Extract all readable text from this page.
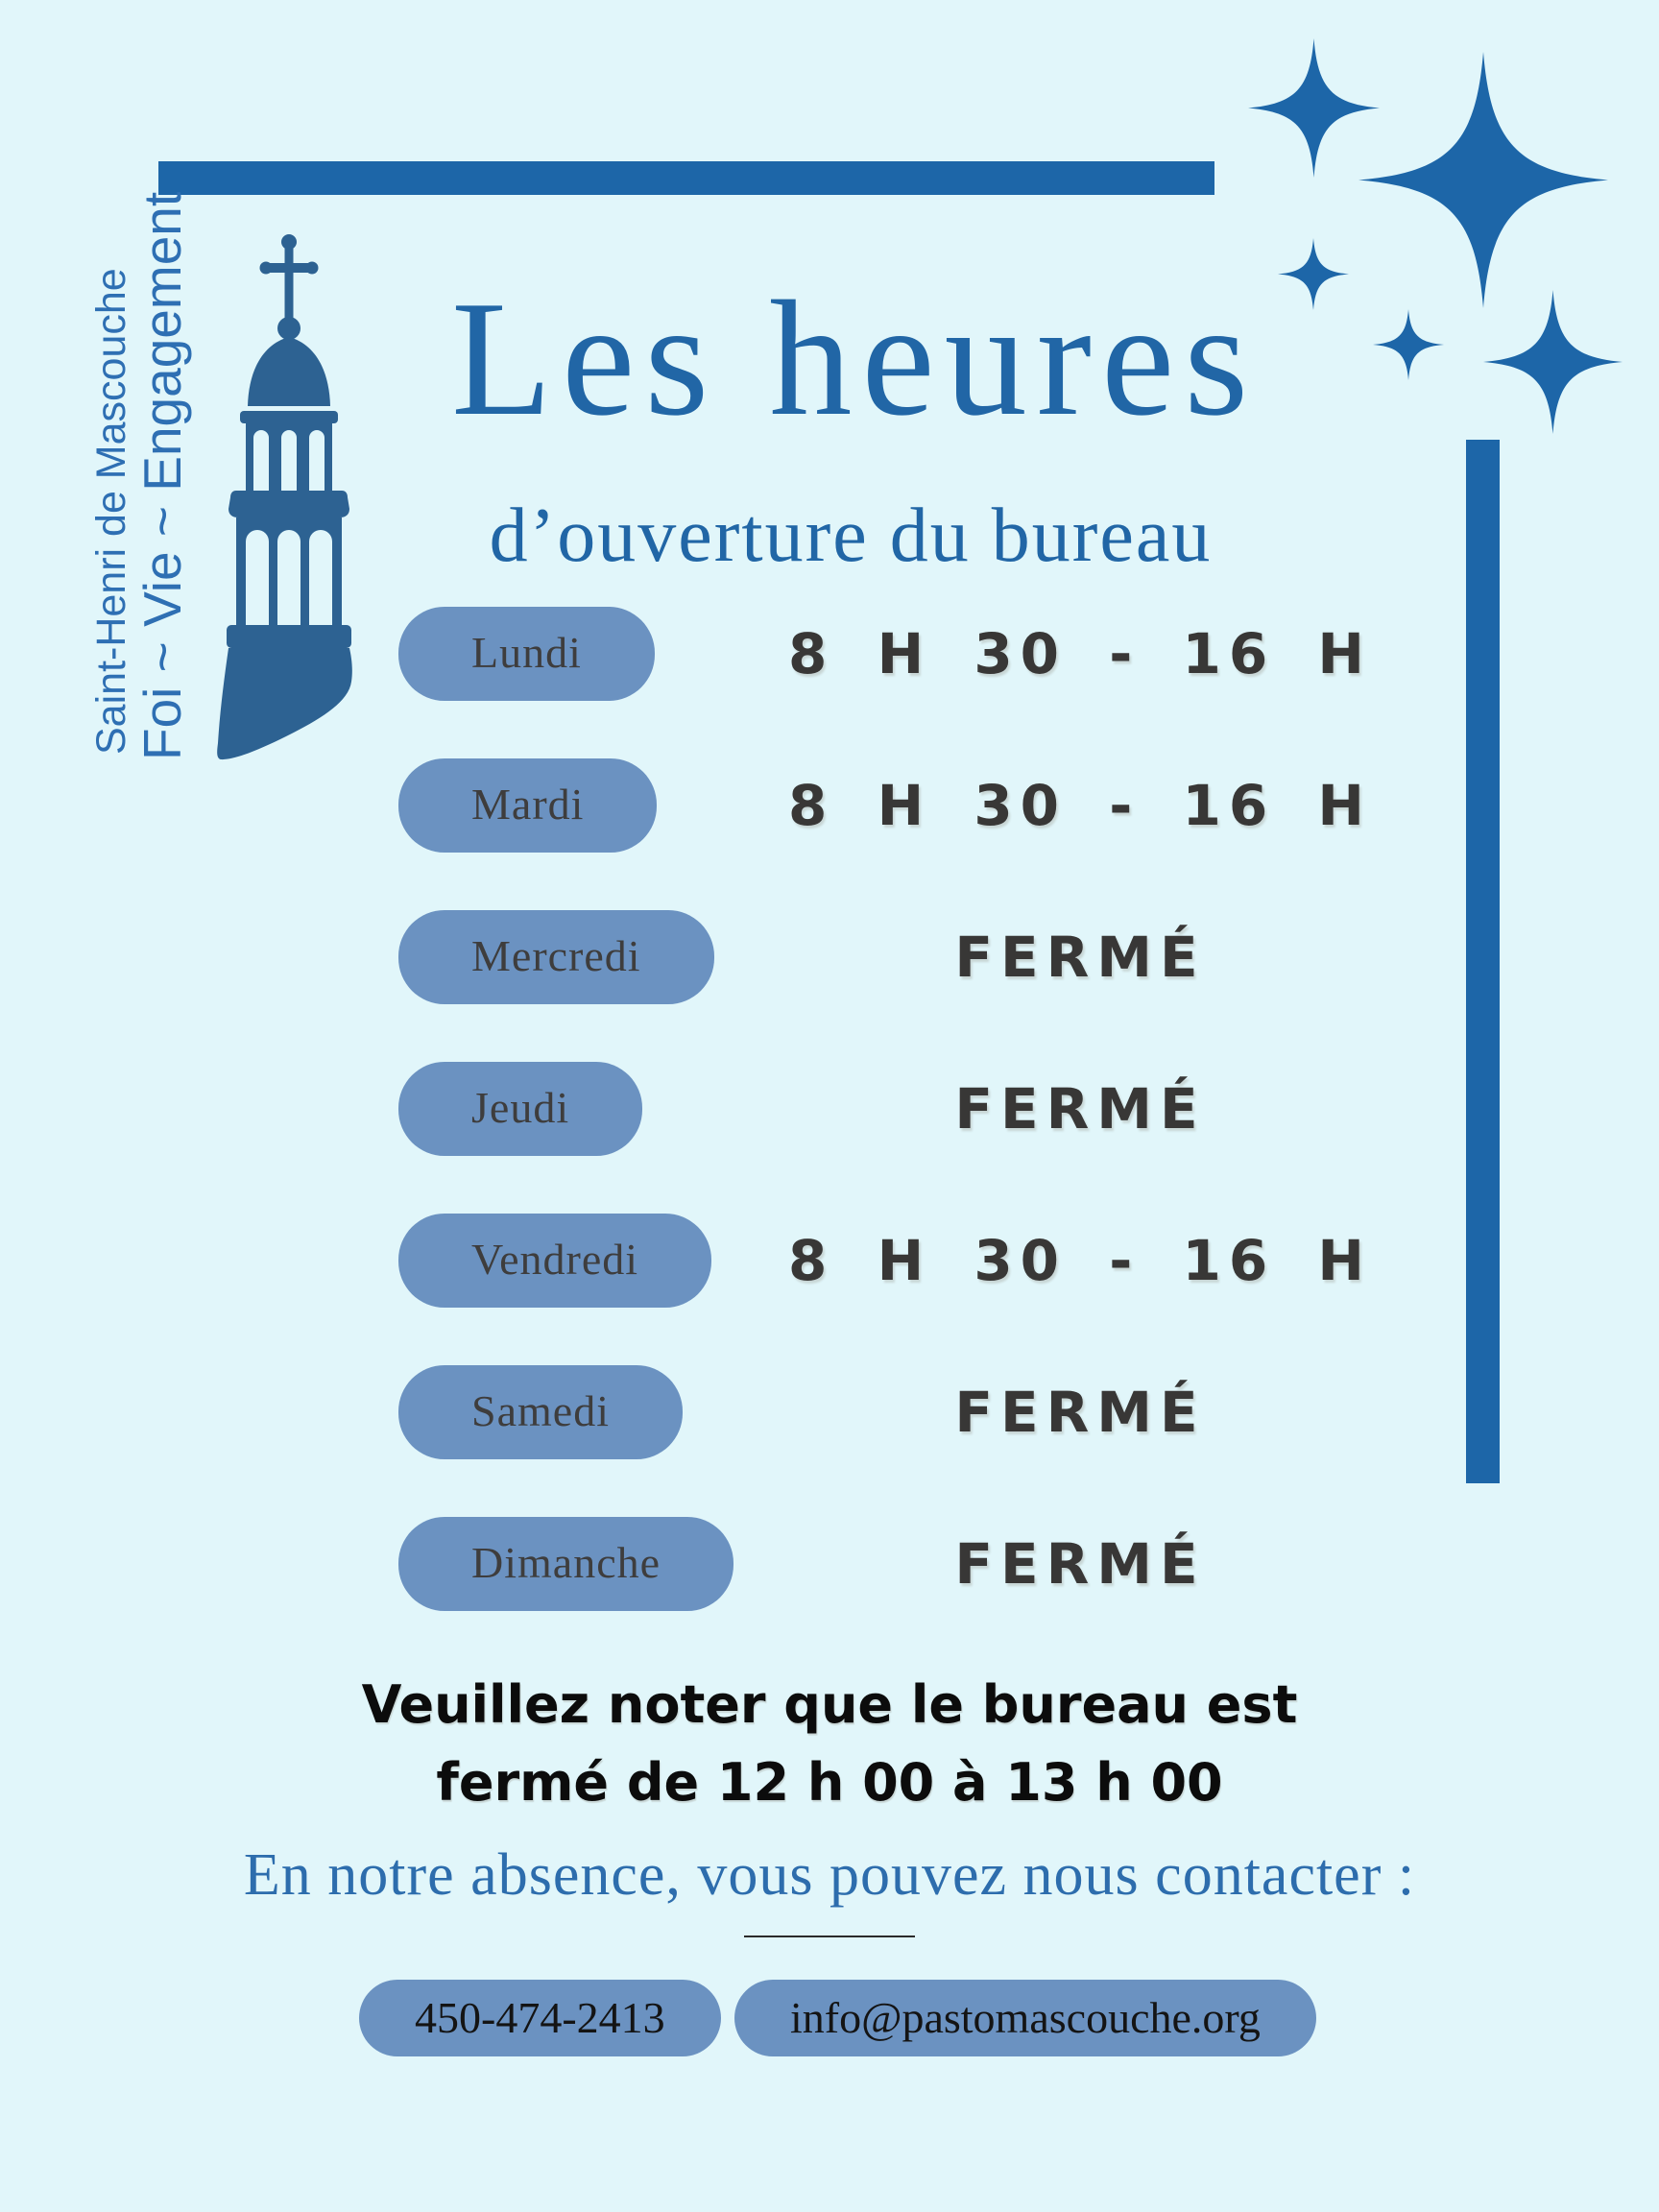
Saint-Henri de Mascouche
Foi ~ Vie ~ Engagement Les heures
d’ouverture du bureau
Lundi	8 H 30 - 16 H
Mardi	8 H 30 - 16 H
Mercredi	FERMÉ
Jeudi	FERMÉ
Vendredi	8 H 30 - 16 H
Samedi	FERMÉ
Dimanche	FERMÉ
Veuillez noter que le bureau est
fermé de 12 h 00 à 13 h 00
En notre absence, vous pouvez nous contacter :
450-474-2413	info@pastomascouche.org
